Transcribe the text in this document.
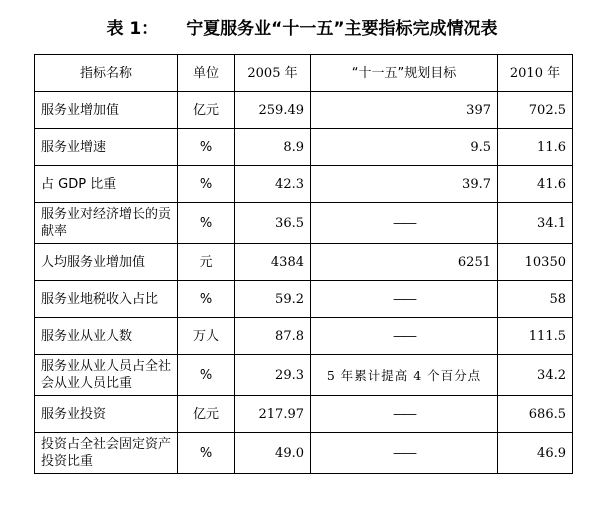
表 1： 宁夏服务业“十一五”主要指标完成情况表
指标名称	单位	2005 年	“十一五”规划目标	2010 年
服务业增加值	亿元	259.49	397	702.5
服务业增速	%	8.9	9.5	11.6
占 GDP 比重	%	42.3	39.7	41.6
服务业对经济增长的贡献率	%	36.5	——	34.1
人均服务业增加值	元	4384	6251	10350
服务业地税收入占比	%	59.2	——	58
服务业从业人数	万人	87.8	——	111.5
服务业从业人员占全社会从业人员比重	%	29.3	5 年累计提高 4 个百分点	34.2
服务业投资	亿元	217.97	——	686.5
投资占全社会固定资产投资比重	%	49.0	——	46.9
